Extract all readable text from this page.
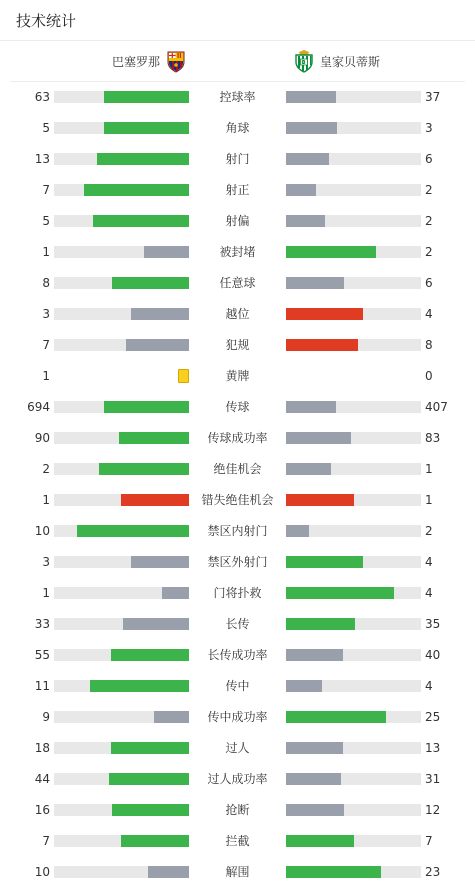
技术统计
巴塞罗那	皇家贝蒂斯
63	控球率	37
5	角球	3
13	射门	6
7	射正	2
5	射偏	2
1	被封堵	2
8	任意球	6
3	越位	4
7	犯规	8
1	黄牌	0
694	传球	407
90	传球成功率	83
2	绝佳机会	1
1	错失绝佳机会	1
10	禁区内射门	2
3	禁区外射门	4
1	门将扑救	4
33	长传	35
55	长传成功率	40
11	传中	4
9	传中成功率	25
18	过人	13
44	过人成功率	31
16	抢断	12
7	拦截	7
10	解围	23
